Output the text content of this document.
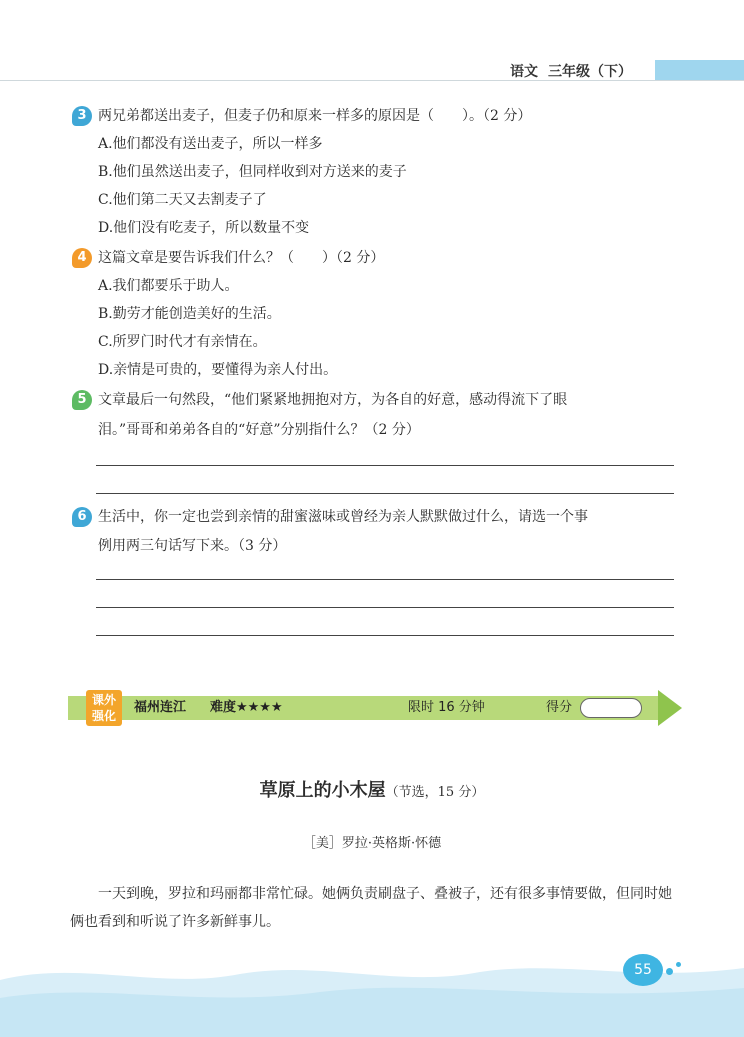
语文 三年级（下）
3 两兄弟都送出麦子，但麦子仍和原来一样多的原因是（　　）。（2 分）
A.他们都没有送出麦子，所以一样多
B.他们虽然送出麦子，但同样收到对方送来的麦子
C.他们第二天又去割麦子了
D.他们没有吃麦子，所以数量不变
4 这篇文章是要告诉我们什么？（　　）（2 分）
A.我们都要乐于助人。
B.勤劳才能创造美好的生活。
C.所罗门时代才有亲情在。
D.亲情是可贵的，要懂得为亲人付出。
5 文章最后一句然段，“他们紧紧地拥抱对方，为各自的好意，感动得流下了眼
泪。”哥哥和弟弟各自的“好意”分别指什么？（2 分）
6 生活中，你一定也尝到亲情的甜蜜滋味或曾经为亲人默默做过什么，请选一个事
例用两三句话写下来。（3 分）
课外
强化
福州连江 难度★★★★	限时 16 分钟	得分
草原上的小木屋（节选，15 分）
［美］罗拉·英格斯·怀德
一天到晚，罗拉和玛丽都非常忙碌。她俩负责刷盘子、叠被子，还有很多事情要做，但同时她俩也看到和听说了许多新鲜事儿。
55
